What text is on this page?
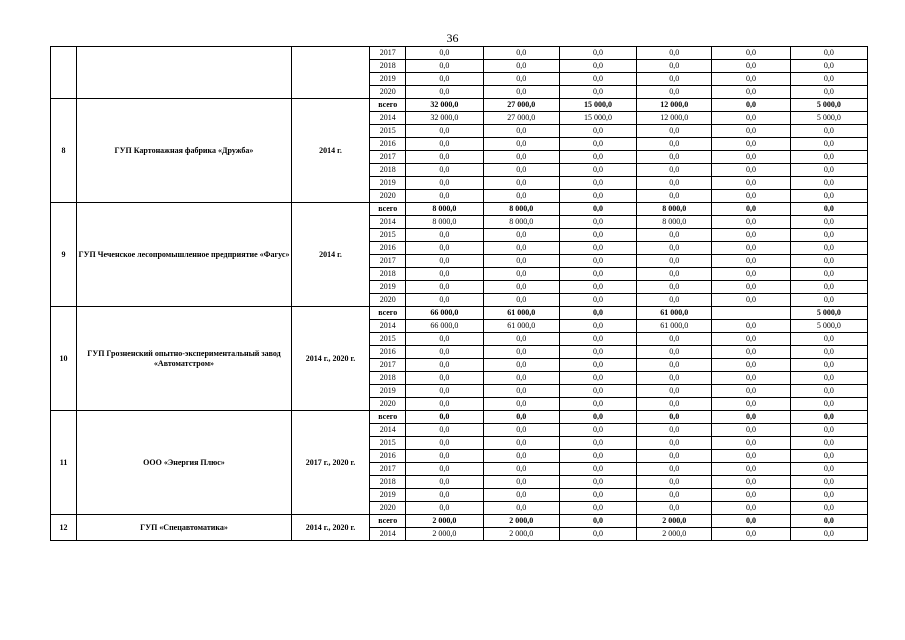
36
			2017	0,0	0,0	0,0	0,0	0,0	0,0
			2018	0,0	0,0	0,0	0,0	0,0	0,0
			2019	0,0	0,0	0,0	0,0	0,0	0,0
			2020	0,0	0,0	0,0	0,0	0,0	0,0
8	ГУП Картонажная фабрика «Дружба»	2014 г.	всего	32 000,0	27 000,0	15 000,0	12 000,0	0,0	5 000,0
			2014	32 000,0	27 000,0	15 000,0	12 000,0	0,0	5 000,0
			2015	0,0	0,0	0,0	0,0	0,0	0,0
			2016	0,0	0,0	0,0	0,0	0,0	0,0
			2017	0,0	0,0	0,0	0,0	0,0	0,0
			2018	0,0	0,0	0,0	0,0	0,0	0,0
			2019	0,0	0,0	0,0	0,0	0,0	0,0
			2020	0,0	0,0	0,0	0,0	0,0	0,0
9	ГУП Чеченское лесопромышленное предприятие «Фагус»	2014 г.	всего	8 000,0	8 000,0	0,0	8 000,0	0,0	0,0
			2014	8 000,0	8 000,0	0,0	8 000,0	0,0	0,0
			2015	0,0	0,0	0,0	0,0	0,0	0,0
			2016	0,0	0,0	0,0	0,0	0,0	0,0
			2017	0,0	0,0	0,0	0,0	0,0	0,0
			2018	0,0	0,0	0,0	0,0	0,0	0,0
			2019	0,0	0,0	0,0	0,0	0,0	0,0
			2020	0,0	0,0	0,0	0,0	0,0	0,0
10	ГУП Грозненский опытно-экспериментальный завод «Автоматстром»	2014 г., 2020 г.	всего	66 000,0	61 000,0	0,0	61 000,0		5 000,0
			2014	66 000,0	61 000,0	0,0	61 000,0	0,0	5 000,0
			2015	0,0	0,0	0,0	0,0	0,0	0,0
			2016	0,0	0,0	0,0	0,0	0,0	0,0
			2017	0,0	0,0	0,0	0,0	0,0	0,0
			2018	0,0	0,0	0,0	0,0	0,0	0,0
			2019	0,0	0,0	0,0	0,0	0,0	0,0
			2020	0,0	0,0	0,0	0,0	0,0	0,0
11	ООО «Энергия Плюс»	2017 г., 2020 г.	всего	0,0	0,0	0,0	0,0	0,0	0,0
			2014	0,0	0,0	0,0	0,0	0,0	0,0
			2015	0,0	0,0	0,0	0,0	0,0	0,0
			2016	0,0	0,0	0,0	0,0	0,0	0,0
			2017	0,0	0,0	0,0	0,0	0,0	0,0
			2018	0,0	0,0	0,0	0,0	0,0	0,0
			2019	0,0	0,0	0,0	0,0	0,0	0,0
			2020	0,0	0,0	0,0	0,0	0,0	0,0
12	ГУП «Спецавтоматика»	2014 г., 2020 г.	всего	2 000,0	2 000,0	0,0	2 000,0	0,0	0,0
			2014	2 000,0	2 000,0	0,0	2 000,0	0,0	0,0
